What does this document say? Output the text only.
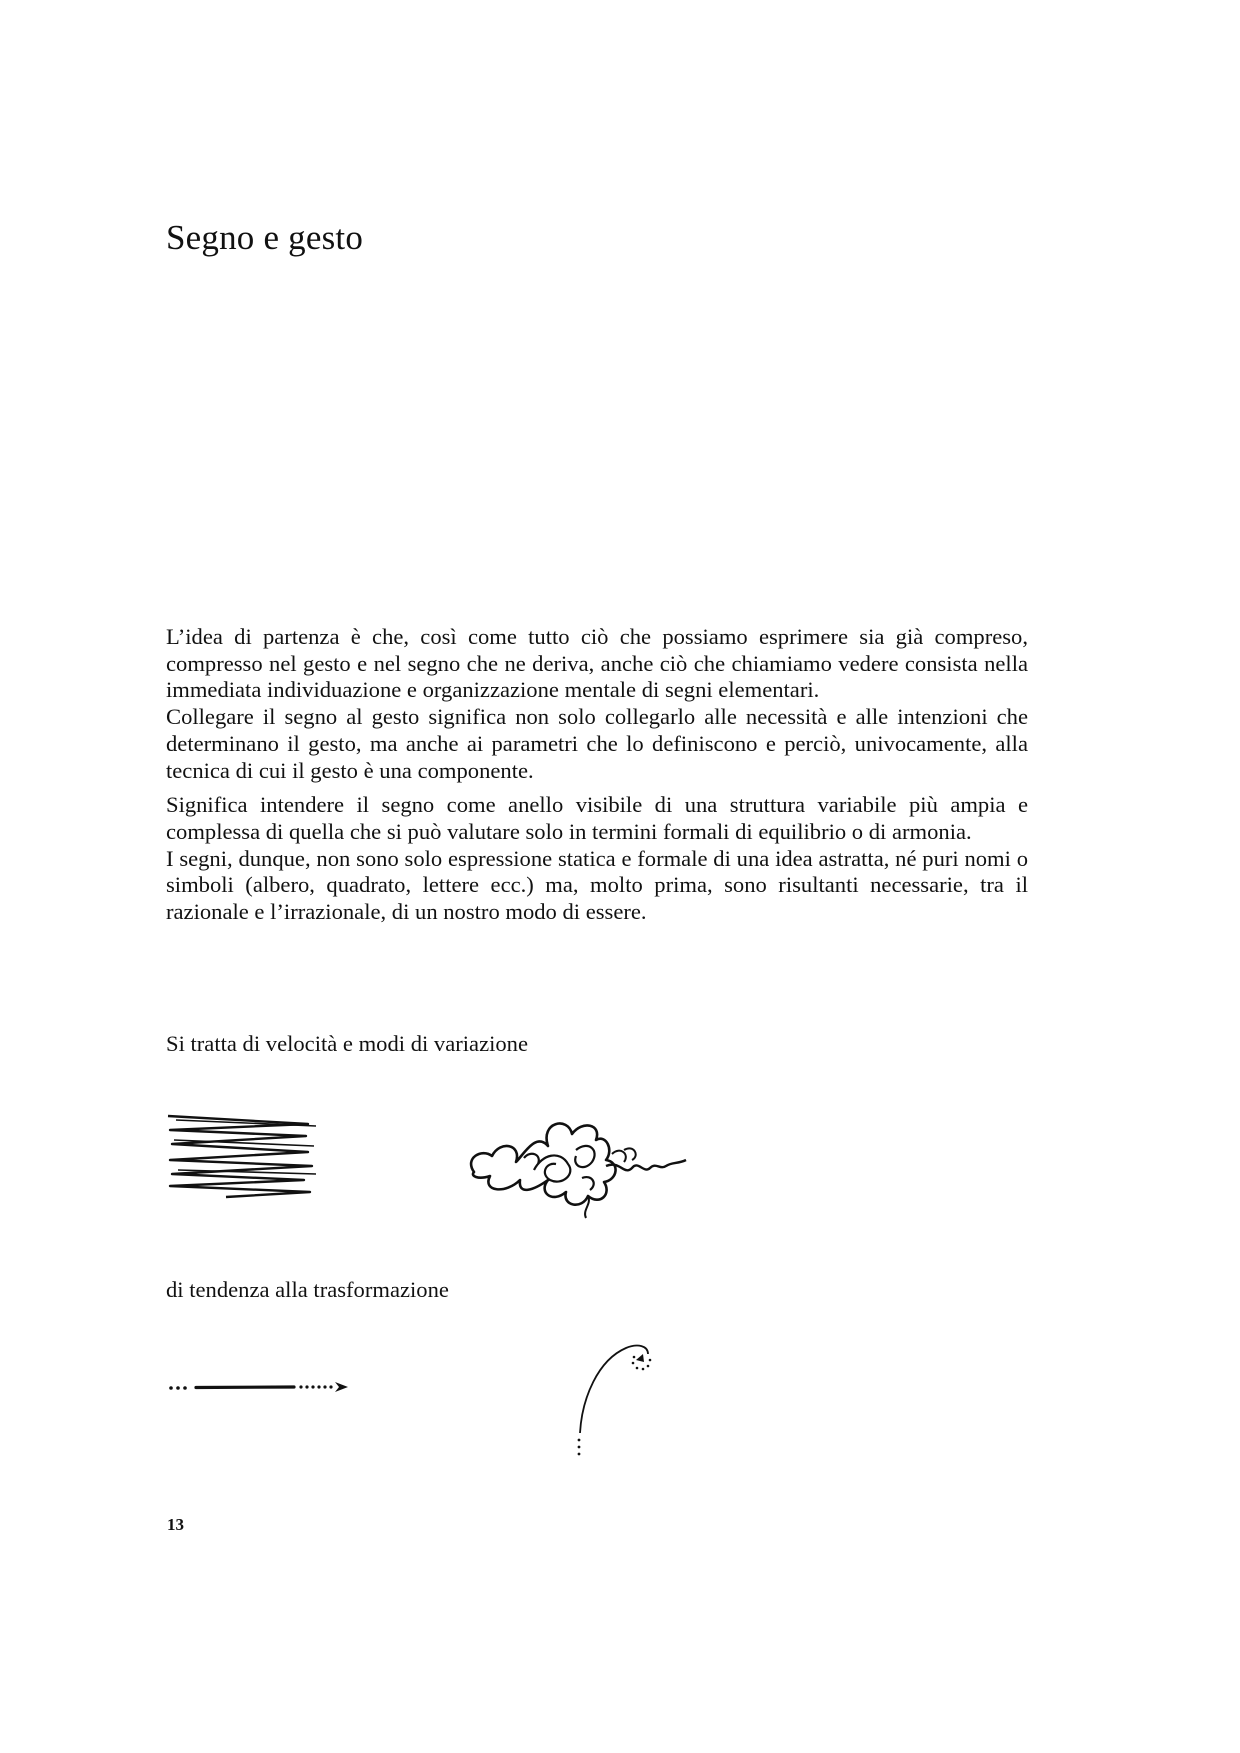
Segno e gesto

L’idea di partenza è che, così come tutto ciò che possiamo esprimere sia già compreso, compresso nel gesto e nel segno che ne deriva, anche ciò che chiamiamo vedere consista nella immediata individuazione e organizzazione mentale di segni elementari.

Collegare il segno al gesto significa non solo collegarlo alle necessità e alle intenzioni che determinano il gesto, ma anche ai parametri che lo definiscono e perciò, univocamente, alla tecnica di cui il gesto è una componente.

Significa intendere il segno come anello visibile di una struttura variabile più ampia e complessa di quella che si può valutare solo in termini formali di equilibrio o di armonia.

I segni, dunque, non sono solo espressione statica e formale di una idea astratta, né puri nomi o simboli (albero, quadrato, lettere ecc.) ma, molto prima, sono risultanti necessarie, tra il razionale e l’irrazionale, di un nostro modo di essere.

Si tratta di velocità e modi di variazione
di tendenza alla trasformazione
13
